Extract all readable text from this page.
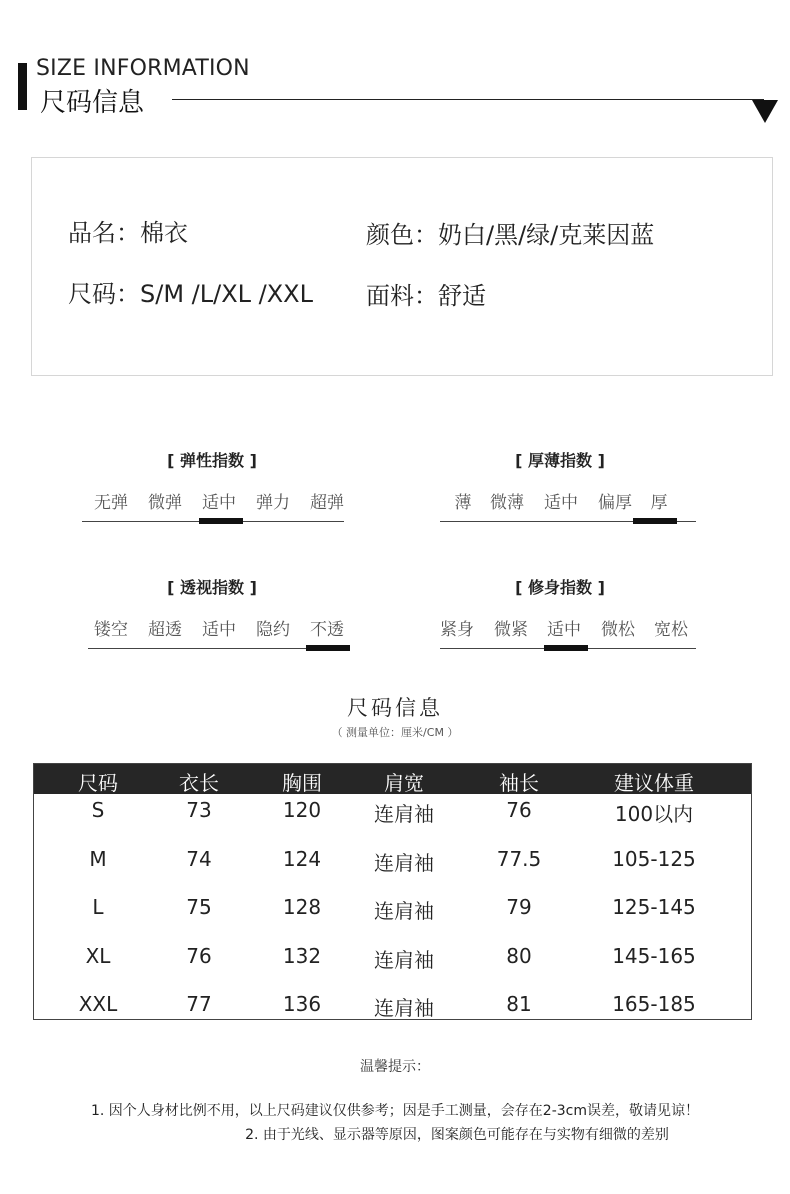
SIZE INFORMATION
尺码信息
品名：棉衣	颜色：奶白/黑/绿/克莱因蓝
尺码：S/M /L/XL /XXL 面料：舒适
[ 弹性指数 ]
无弹	微弹	适中	弹力	超弹
[ 厚薄指数 ]
薄	微薄	适中	偏厚	厚
[ 透视指数 ]
镂空	超透	适中	隐约	不透
[ 修身指数 ]
紧身	微紧	适中	微松	宽松
尺码信息
（ 测量单位：厘米/CM ）
尺码	衣长	胸围	肩宽	袖长	建议体重
S	73	120	连肩袖	76	100以内
M	74	124	连肩袖	77.5	105-125
L	75	128	连肩袖	79	125-145
XL	76	132	连肩袖	80	145-165
XXL	77	136	连肩袖	81	165-185
温馨提示：
1. 因个人身材比例不用，以上尺码建议仅供参考；因是手工测量，会存在2-3cm误差，敬请见谅！
2. 由于光线、显示器等原因，图案颜色可能存在与实物有细微的差别
